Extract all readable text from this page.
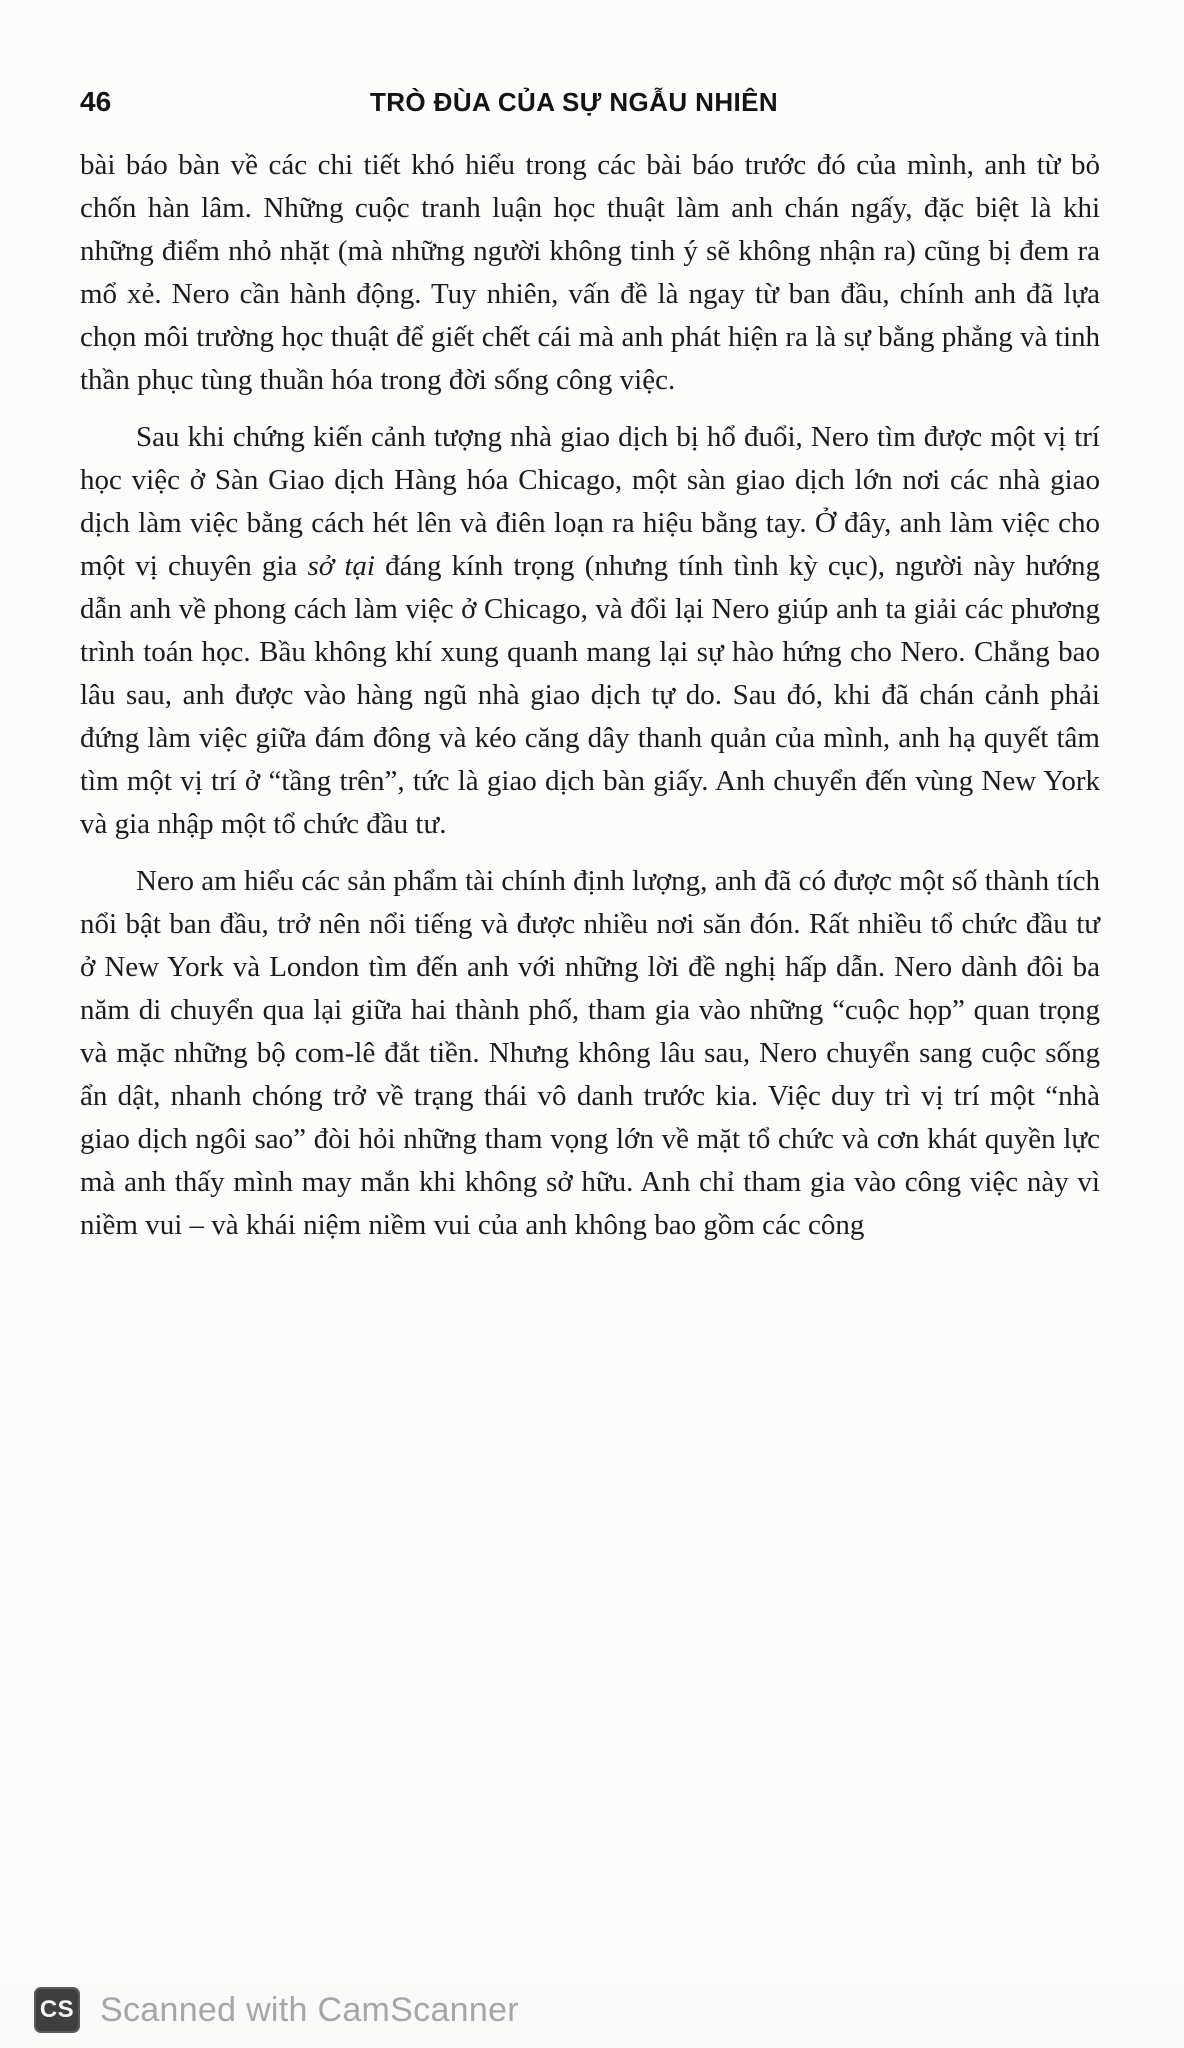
46	TRÒ ĐÙA CỦA SỰ NGẪU NHIÊN

bài báo bàn về các chi tiết khó hiểu trong các bài báo trước đó của mình, anh từ bỏ chốn hàn lâm. Những cuộc tranh luận học thuật làm anh chán ngấy, đặc biệt là khi những điểm nhỏ nhặt (mà những người không tinh ý sẽ không nhận ra) cũng bị đem ra mổ xẻ. Nero cần hành động. Tuy nhiên, vấn đề là ngay từ ban đầu, chính anh đã lựa chọn môi trường học thuật để giết chết cái mà anh phát hiện ra là sự bằng phẳng và tinh thần phục tùng thuần hóa trong đời sống công việc.

Sau khi chứng kiến cảnh tượng nhà giao dịch bị hổ đuổi, Nero tìm được một vị trí học việc ở Sàn Giao dịch Hàng hóa Chicago, một sàn giao dịch lớn nơi các nhà giao dịch làm việc bằng cách hét lên và điên loạn ra hiệu bằng tay. Ở đây, anh làm việc cho một vị chuyên gia sở tại đáng kính trọng (nhưng tính tình kỳ cục), người này hướng dẫn anh về phong cách làm việc ở Chicago, và đổi lại Nero giúp anh ta giải các phương trình toán học. Bầu không khí xung quanh mang lại sự hào hứng cho Nero. Chẳng bao lâu sau, anh được vào hàng ngũ nhà giao dịch tự do. Sau đó, khi đã chán cảnh phải đứng làm việc giữa đám đông và kéo căng dây thanh quản của mình, anh hạ quyết tâm tìm một vị trí ở “tầng trên”, tức là giao dịch bàn giấy. Anh chuyển đến vùng New York và gia nhập một tổ chức đầu tư.

Nero am hiểu các sản phẩm tài chính định lượng, anh đã có được một số thành tích nổi bật ban đầu, trở nên nổi tiếng và được nhiều nơi săn đón. Rất nhiều tổ chức đầu tư ở New York và London tìm đến anh với những lời đề nghị hấp dẫn. Nero dành đôi ba năm di chuyển qua lại giữa hai thành phố, tham gia vào những “cuộc họp” quan trọng và mặc những bộ com-lê đắt tiền. Nhưng không lâu sau, Nero chuyển sang cuộc sống ẩn dật, nhanh chóng trở về trạng thái vô danh trước kia. Việc duy trì vị trí một “nhà giao dịch ngôi sao” đòi hỏi những tham vọng lớn về mặt tổ chức và cơn khát quyền lực mà anh thấy mình may mắn khi không sở hữu. Anh chỉ tham gia vào công việc này vì niềm vui – và khái niệm niềm vui của anh không bao gồm các công

CS Scanned with CamScanner
